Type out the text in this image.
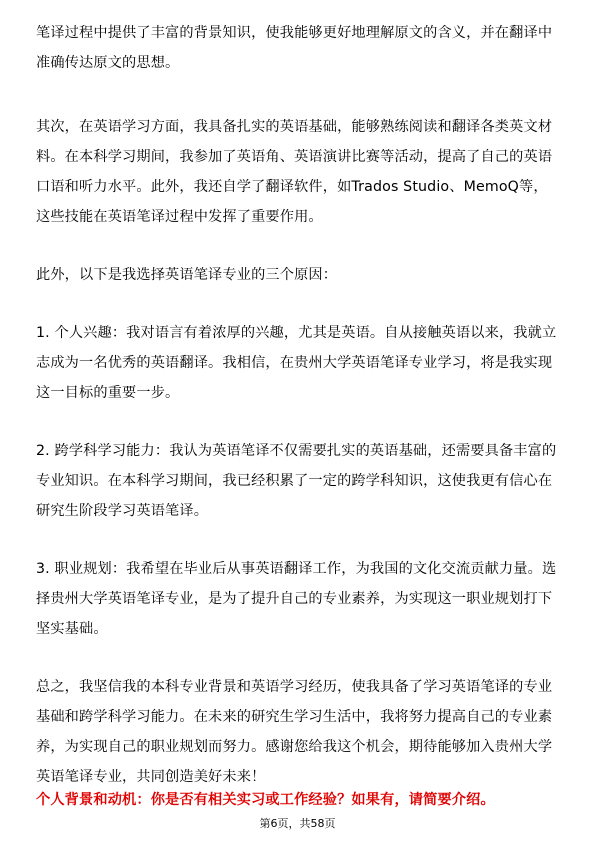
笔译过程中提供了丰富的背景知识，使我能够更好地理解原文的含义，并在翻译中准确传达原文的思想。

其次，在英语学习方面，我具备扎实的英语基础，能够熟练阅读和翻译各类英文材料。在本科学习期间，我参加了英语角、英语演讲比赛等活动，提高了自己的英语口语和听力水平。此外，我还自学了翻译软件，如Trados Studio、MemoQ等，这些技能在英语笔译过程中发挥了重要作用。

此外，以下是我选择英语笔译专业的三个原因：

1. 个人兴趣：我对语言有着浓厚的兴趣，尤其是英语。自从接触英语以来，我就立志成为一名优秀的英语翻译。我相信，在贵州大学英语笔译专业学习，将是我实现这一目标的重要一步。

2. 跨学科学习能力：我认为英语笔译不仅需要扎实的英语基础，还需要具备丰富的专业知识。在本科学习期间，我已经积累了一定的跨学科知识，这使我更有信心在研究生阶段学习英语笔译。

3. 职业规划：我希望在毕业后从事英语翻译工作，为我国的文化交流贡献力量。选择贵州大学英语笔译专业，是为了提升自己的专业素养，为实现这一职业规划打下坚实基础。

总之，我坚信我的本科专业背景和英语学习经历，使我具备了学习英语笔译的专业基础和跨学科学习能力。在未来的研究生学习生活中，我将努力提高自己的专业素养，为实现自己的职业规划而努力。感谢您给我这个机会，期待能够加入贵州大学英语笔译专业，共同创造美好未来！

个人背景和动机：你是否有相关实习或工作经验？如果有，请简要介绍。
第6页，共58页
